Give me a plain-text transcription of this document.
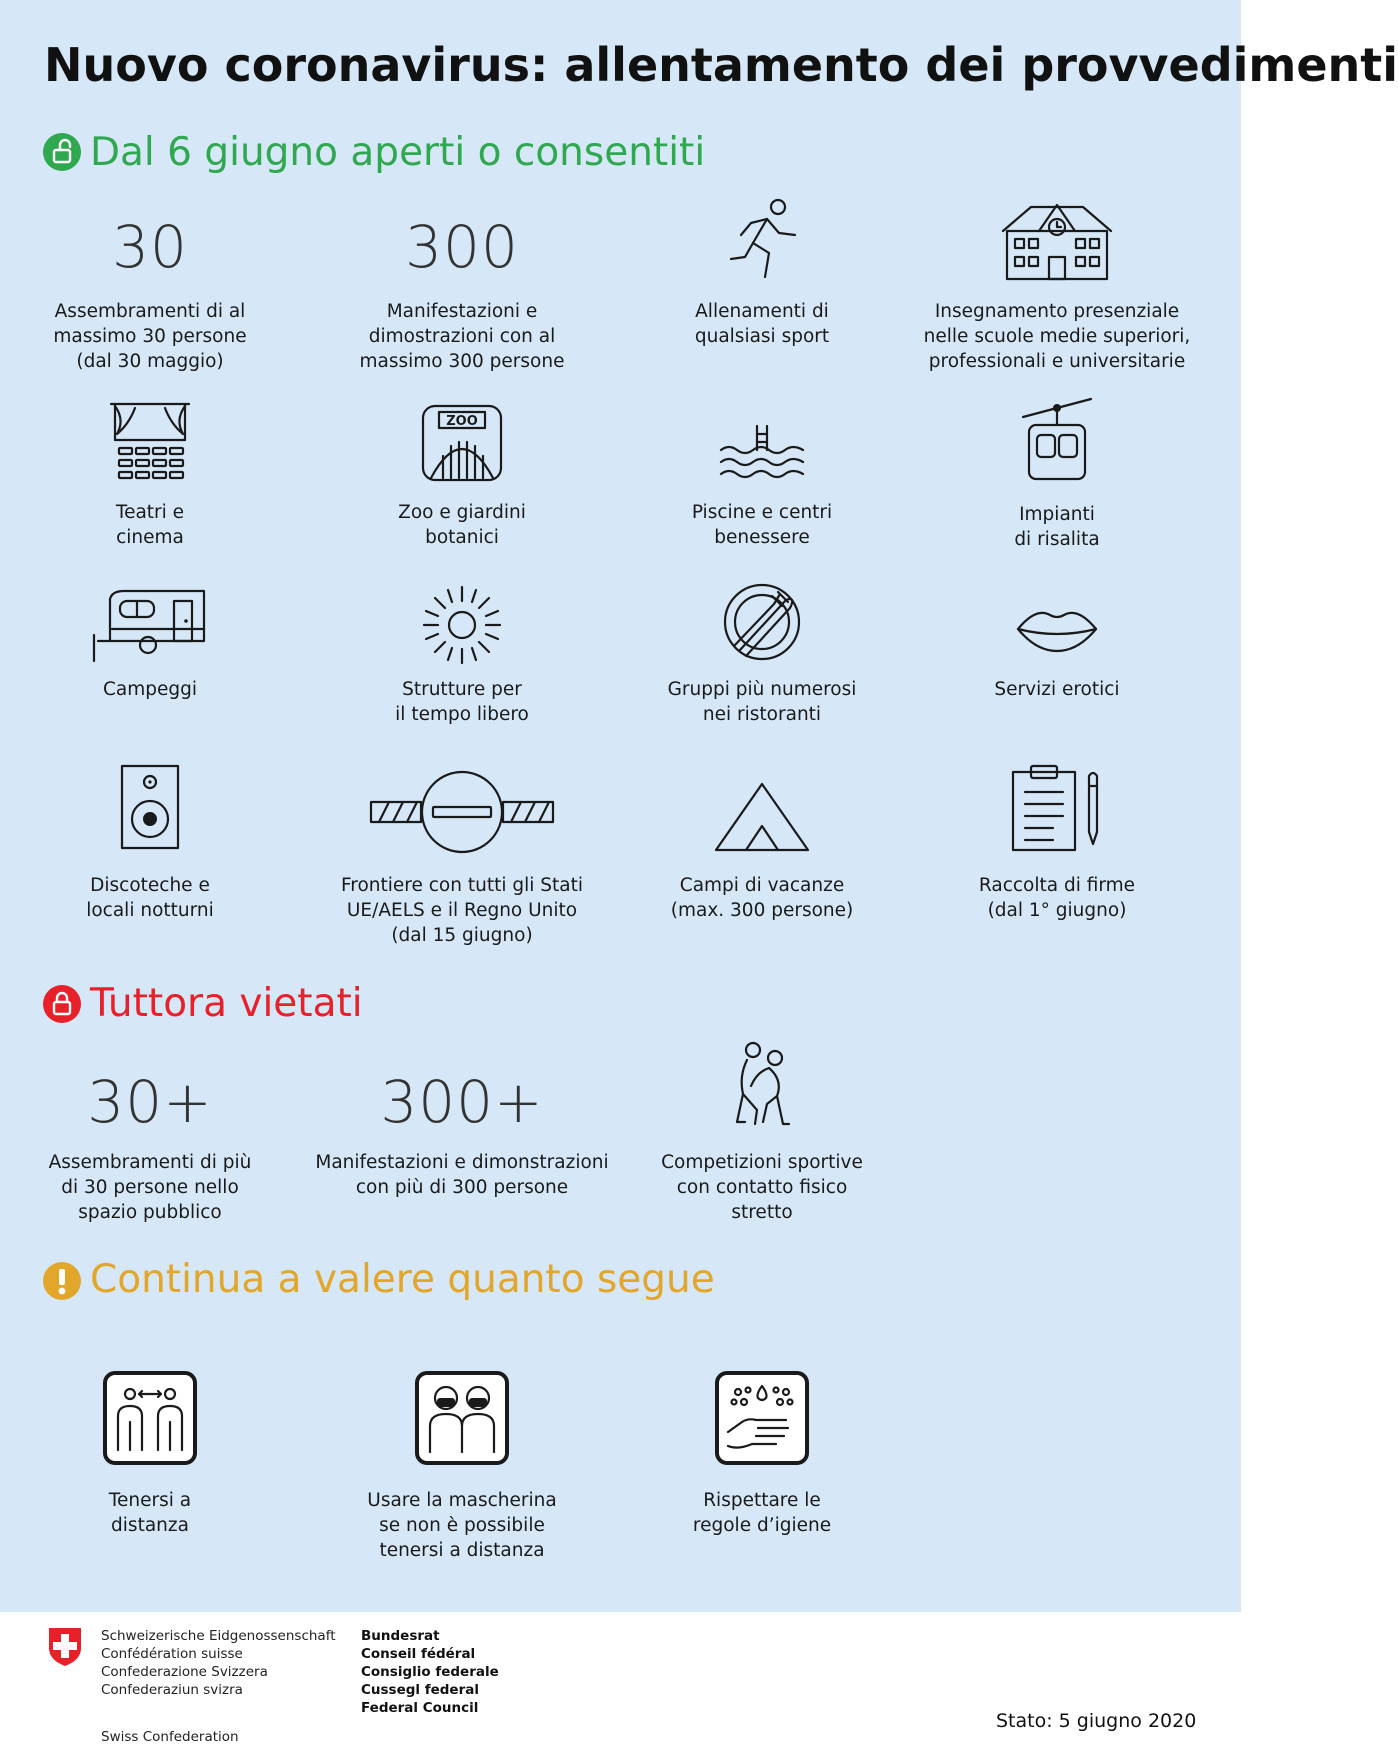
Nuovo coronavirus: allentamento dei provvedimenti
Dal 6 giugno aperti o consentiti
30
Assembramenti di al
massimo 30 persone
(dal 30 maggio)
300
Manifestazioni e
dimostrazioni con al
massimo 300 persone
Allenamenti di
qualsiasi sport
Insegnamento presenziale
nelle scuole medie superiori,
professionali e universitarie
Teatri e
cinema
ZOO
Zoo e giardini
botanici
Piscine e centri
benessere
Impianti
di risalita
Campeggi	Strutture per
il tempo libero
Gruppi più numerosi
nei ristoranti
Servizi erotici
Discoteche e
locali notturni
Frontiere con tutti gli Stati
UE/AELS e il Regno Unito
(dal 15 giugno)
Campi di vacanze
(max. 300 persone)
Raccolta di firme
(dal 1° giugno)
Tuttora vietati
30+
Assembramenti di più
di 30 persone nello
spazio pubblico
300+
Manifestazioni e dimonstrazioni
con più di 300 persone
Competizioni sportive
con contatto fisico
stretto
Continua a valere quanto segue
Tenersi a
distanza
Usare la mascherina
se non è possibile
tenersi a distanza
Rispettare le
regole d’igiene
Schweizerische Eidgenossenschaft
Confédération suisse
Confederazione Svizzera
Confederaziun svizra
Swiss Confederation
Bundesrat
Conseil fédéral
Consiglio federale
Cussegl federal
Federal Council
Stato: 5 giugno 2020
